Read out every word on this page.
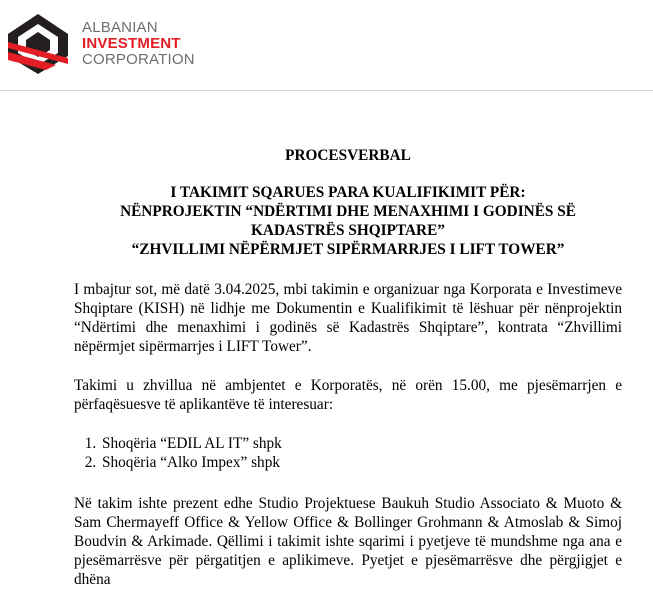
ALBANIAN
INVESTMENT
CORPORATION

PROCESVERBAL

I TAKIMIT SQARUES PARA KUALIFIKIMIT PËR:
NËNPROJEKTIN “NDËRTIMI DHE MENAXHIMI I GODINËS SË
KADASTRËS SHQIPTARE”
“ZHVILLIMI NËPËRMJET SIPËRMARRJES I LIFT TOWER”

I mbajtur sot, më datë 3.04.2025, mbi takimin e organizuar nga Korporata e Investimeve Shqiptare (KISH) në lidhje me Dokumentin e Kualifikimit të lëshuar për nënprojektin “Ndërtimi dhe menaxhimi i godinës së Kadastrës Shqiptare”, kontrata “Zhvillimi nëpërmjet sipërmarrjes i LIFT Tower”.

Takimi u zhvillua në ambjentet e Korporatës, në orën 15.00, me pjesëmarrjen e përfaqësuesve të aplikantëve të interesuar:

1. Shoqëria “EDIL AL IT” shpk
2. Shoqëria “Alko Impex” shpk

Në takim ishte prezent edhe Studio Projektuese Baukuh Studio Associato & Muoto & Sam Chermayeff Office & Yellow Office & Bollinger Grohmann & Atmoslab & Simoj Boudvin & Arkimade. Qëllimi i takimit ishte sqarimi i pyetjeve të mundshme nga ana e pjesëmarrësve për përgatitjen e aplikimeve. Pyetjet e pjesëmarrësve dhe përgjigjet e dhëna
